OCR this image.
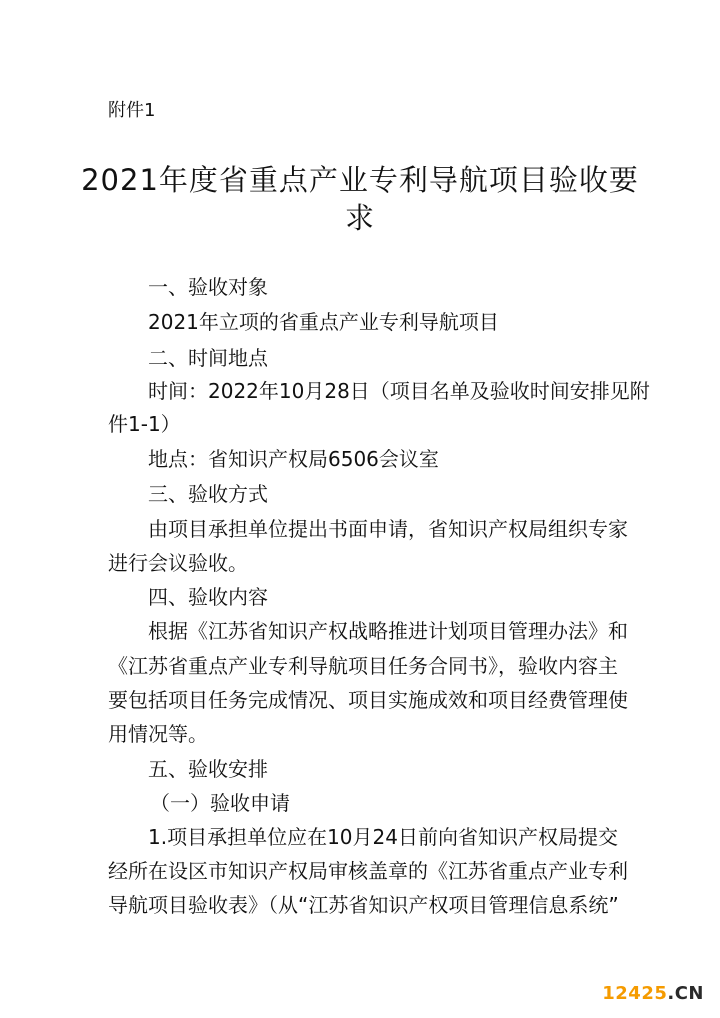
附件1
2021年度省重点产业专利导航项目验收要
求
一、验收对象
2021年立项的省重点产业专利导航项目
二、时间地点
时间：2022年10月28日（项目名单及验收时间安排见附
件1-1）
地点：省知识产权局6506会议室
三、验收方式
由项目承担单位提出书面申请，省知识产权局组织专家
进行会议验收。
四、验收内容
根据《江苏省知识产权战略推进计划项目管理办法》和
《江苏省重点产业专利导航项目任务合同书》，验收内容主
要包括项目任务完成情况、项目实施成效和项目经费管理使
用情况等。
五、验收安排
（一）验收申请
1.项目承担单位应在10月24日前向省知识产权局提交
经所在设区市知识产权局审核盖章的《江苏省重点产业专利
导航项目验收表》（从“江苏省知识产权项目管理信息系统”
12425.CN
